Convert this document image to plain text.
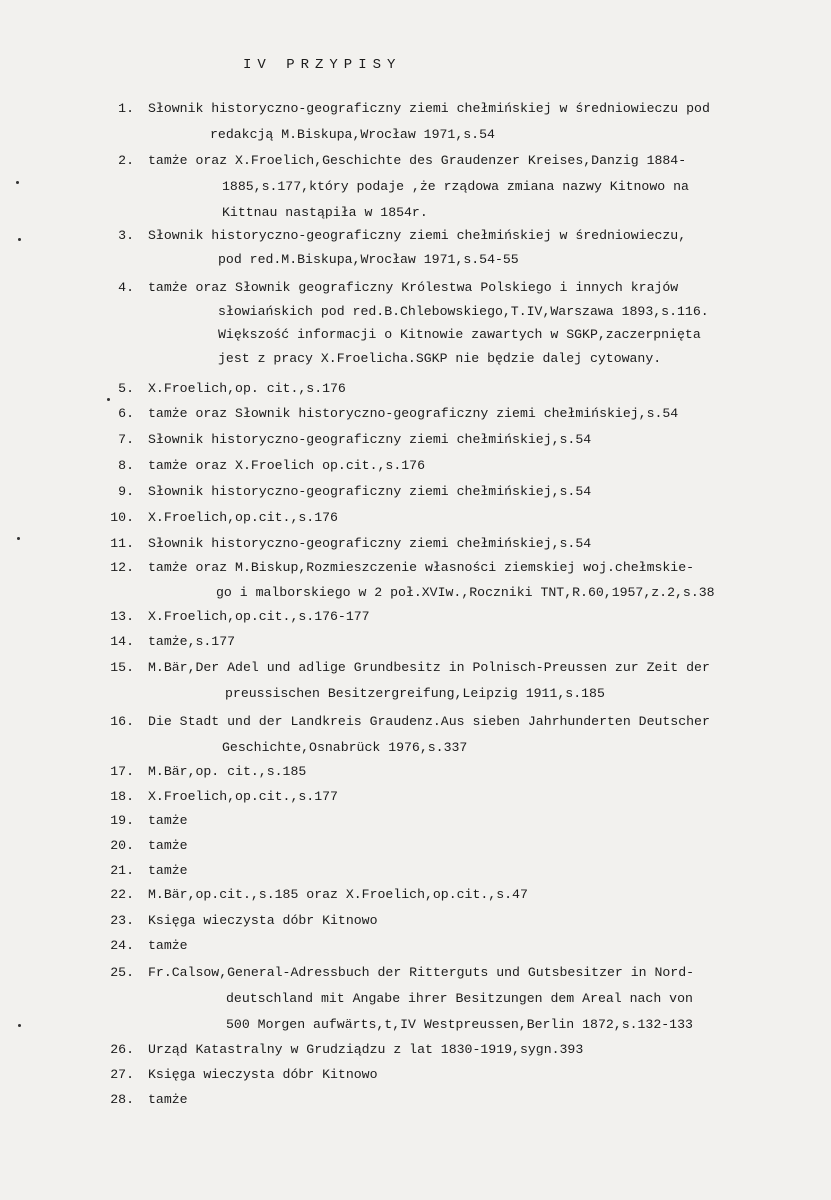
IV PRZYPISY
1. Słownik historyczno-geograficzny ziemi chełmińskiej w średniowieczu pod
redakcją M.Biskupa,Wrocław 1971,s.54
2. tamże oraz X.Froelich,Geschichte des Graudenzer Kreises,Danzig 1884-
1885,s.177,który podaje ,że rządowa zmiana nazwy Kitnowo na
Kittnau nastąpiła w 1854r.
3. Słownik historyczno-geograficzny ziemi chełmińskiej w średniowieczu,
pod red.M.Biskupa,Wrocław 1971,s.54-55
4. tamże oraz Słownik geograficzny Królestwa Polskiego i innych krajów
słowiańskich pod red.B.Chlebowskiego,T.IV,Warszawa 1893,s.116.
Większość informacji o Kitnowie zawartych w SGKP,zaczerpnięta
jest z pracy X.Froelicha.SGKP nie będzie dalej cytowany.
5. X.Froelich,op. cit.,s.176
6. tamże oraz Słownik historyczno-geograficzny ziemi chełmińskiej,s.54
7. Słownik historyczno-geograficzny ziemi chełmińskiej,s.54
8. tamże oraz X.Froelich op.cit.,s.176
9. Słownik historyczno-geograficzny ziemi chełmińskiej,s.54
10. X.Froelich,op.cit.,s.176
11. Słownik historyczno-geograficzny ziemi chełmińskiej,s.54
12. tamże oraz M.Biskup,Rozmieszczenie własności ziemskiej woj.chełmskie-
go i malborskiego w 2 poł.XVIw.,Roczniki TNT,R.60,1957,z.2,s.38
13. X.Froelich,op.cit.,s.176-177
14. tamże,s.177
15. M.Bär,Der Adel und adlige Grundbesitz in Polnisch-Preussen zur Zeit der
preussischen Besitzergreifung,Leipzig 1911,s.185
16. Die Stadt und der Landkreis Graudenz.Aus sieben Jahrhunderten Deutscher
Geschichte,Osnabrück 1976,s.337
17. M.Bär,op. cit.,s.185
18. X.Froelich,op.cit.,s.177
19. tamże
20. tamże
21. tamże
22. M.Bär,op.cit.,s.185 oraz X.Froelich,op.cit.,s.47
23. Księga wieczysta dóbr Kitnowo
24. tamże
25. Fr.Calsow,General-Adressbuch der Ritterguts und Gutsbesitzer in Nord-
deutschland mit Angabe ihrer Besitzungen dem Areal nach von
500 Morgen aufwärts,t,IV Westpreussen,Berlin 1872,s.132-133
26. Urząd Katastralny w Grudziądzu z lat 1830-1919,sygn.393
27. Księga wieczysta dóbr Kitnowo
28. tamże
